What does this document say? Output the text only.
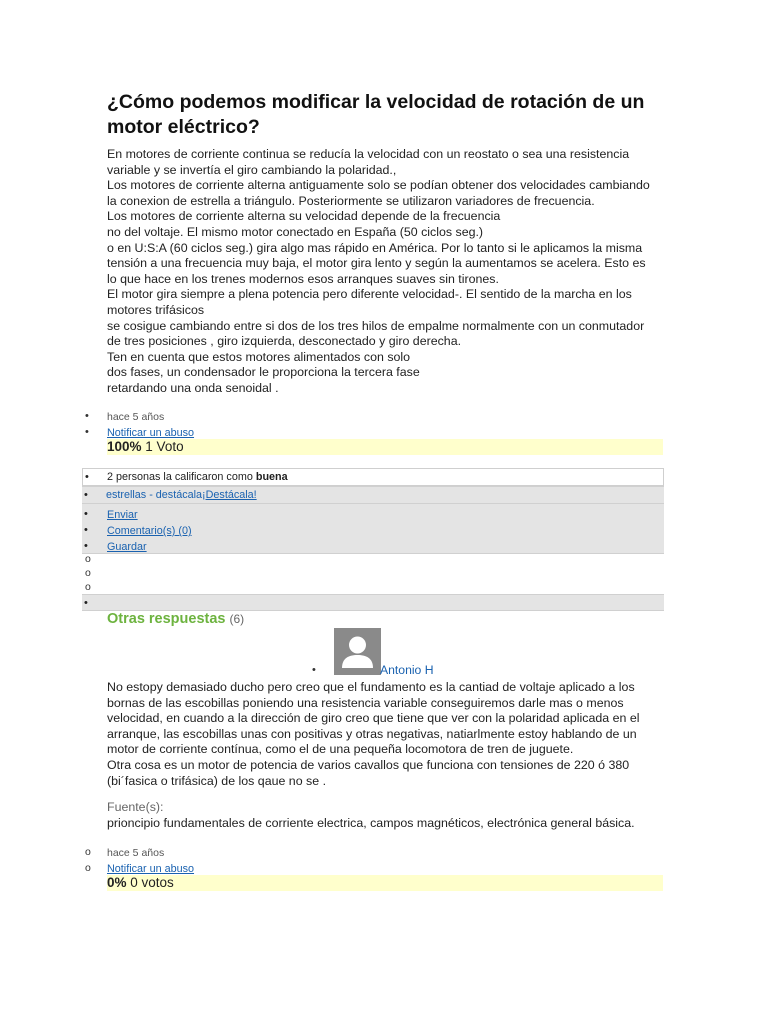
¿Cómo podemos modificar la velocidad de rotación de un
motor eléctrico?
En motores de corriente continua se reducía la velocidad con un reostato o sea una resistencia
variable y se invertía el giro cambiando la polaridad.,
Los motores de corriente alterna antiguamente solo se podían obtener dos velocidades cambiando
la conexion de estrella a triángulo. Posteriormente se utilizaron variadores de frecuencia.
Los motores de corriente alterna su velocidad depende de la frecuencia
no del voltaje. El mismo motor conectado en España (50 ciclos seg.)
o en U:S:A (60 ciclos seg.) gira algo mas rápido en América. Por lo tanto si le aplicamos la misma
tensión a una frecuencia muy baja, el motor gira lento y según la aumentamos se acelera. Esto es
lo que hace en los trenes modernos esos arranques suaves sin tirones.
El motor gira siempre a plena potencia pero diferente velocidad-. El sentido de la marcha en los
motores trifásicos
se cosigue cambiando entre si dos de los tres hilos de empalme normalmente con un conmutador
de tres posiciones , giro izquierda, desconectado y giro derecha.
Ten en cuenta que estos motores alimentados con solo
dos fases, un condensador le proporciona la tercera fase
retardando una onda senoidal .
• hace 5 años
• Notificar un abuso
100% 1 Voto
• 2 personas la calificaron como buena
• estrellas - destácala¡Destácala!
• Enviar
• Comentario(s) (0)
• Guardar
o
o
o
•
Otras respuestas (6)
•	Antonio H
No estopy demasiado ducho pero creo que el fundamento es la cantiad de voltaje aplicado a los
bornas de las escobillas poniendo una resistencia variable conseguiremos darle mas o menos
velocidad, en cuando a la dirección de giro creo que tiene que ver con la polaridad aplicada en el
arranque, las escobillas unas con positivas y otras negativas, natiarlmente estoy hablando de un
motor de corriente contínua, como el de una pequeña locomotora de tren de juguete.
Otra cosa es un motor de potencia de varios cavallos que funciona con tensiones de 220 ó 380
(bi´fasica o trifásica) de los qaue no se .
Fuente(s):
prioncipio fundamentales de corriente electrica, campos magnéticos, electrónica general básica.
o hace 5 años
o Notificar un abuso
0% 0 votos
